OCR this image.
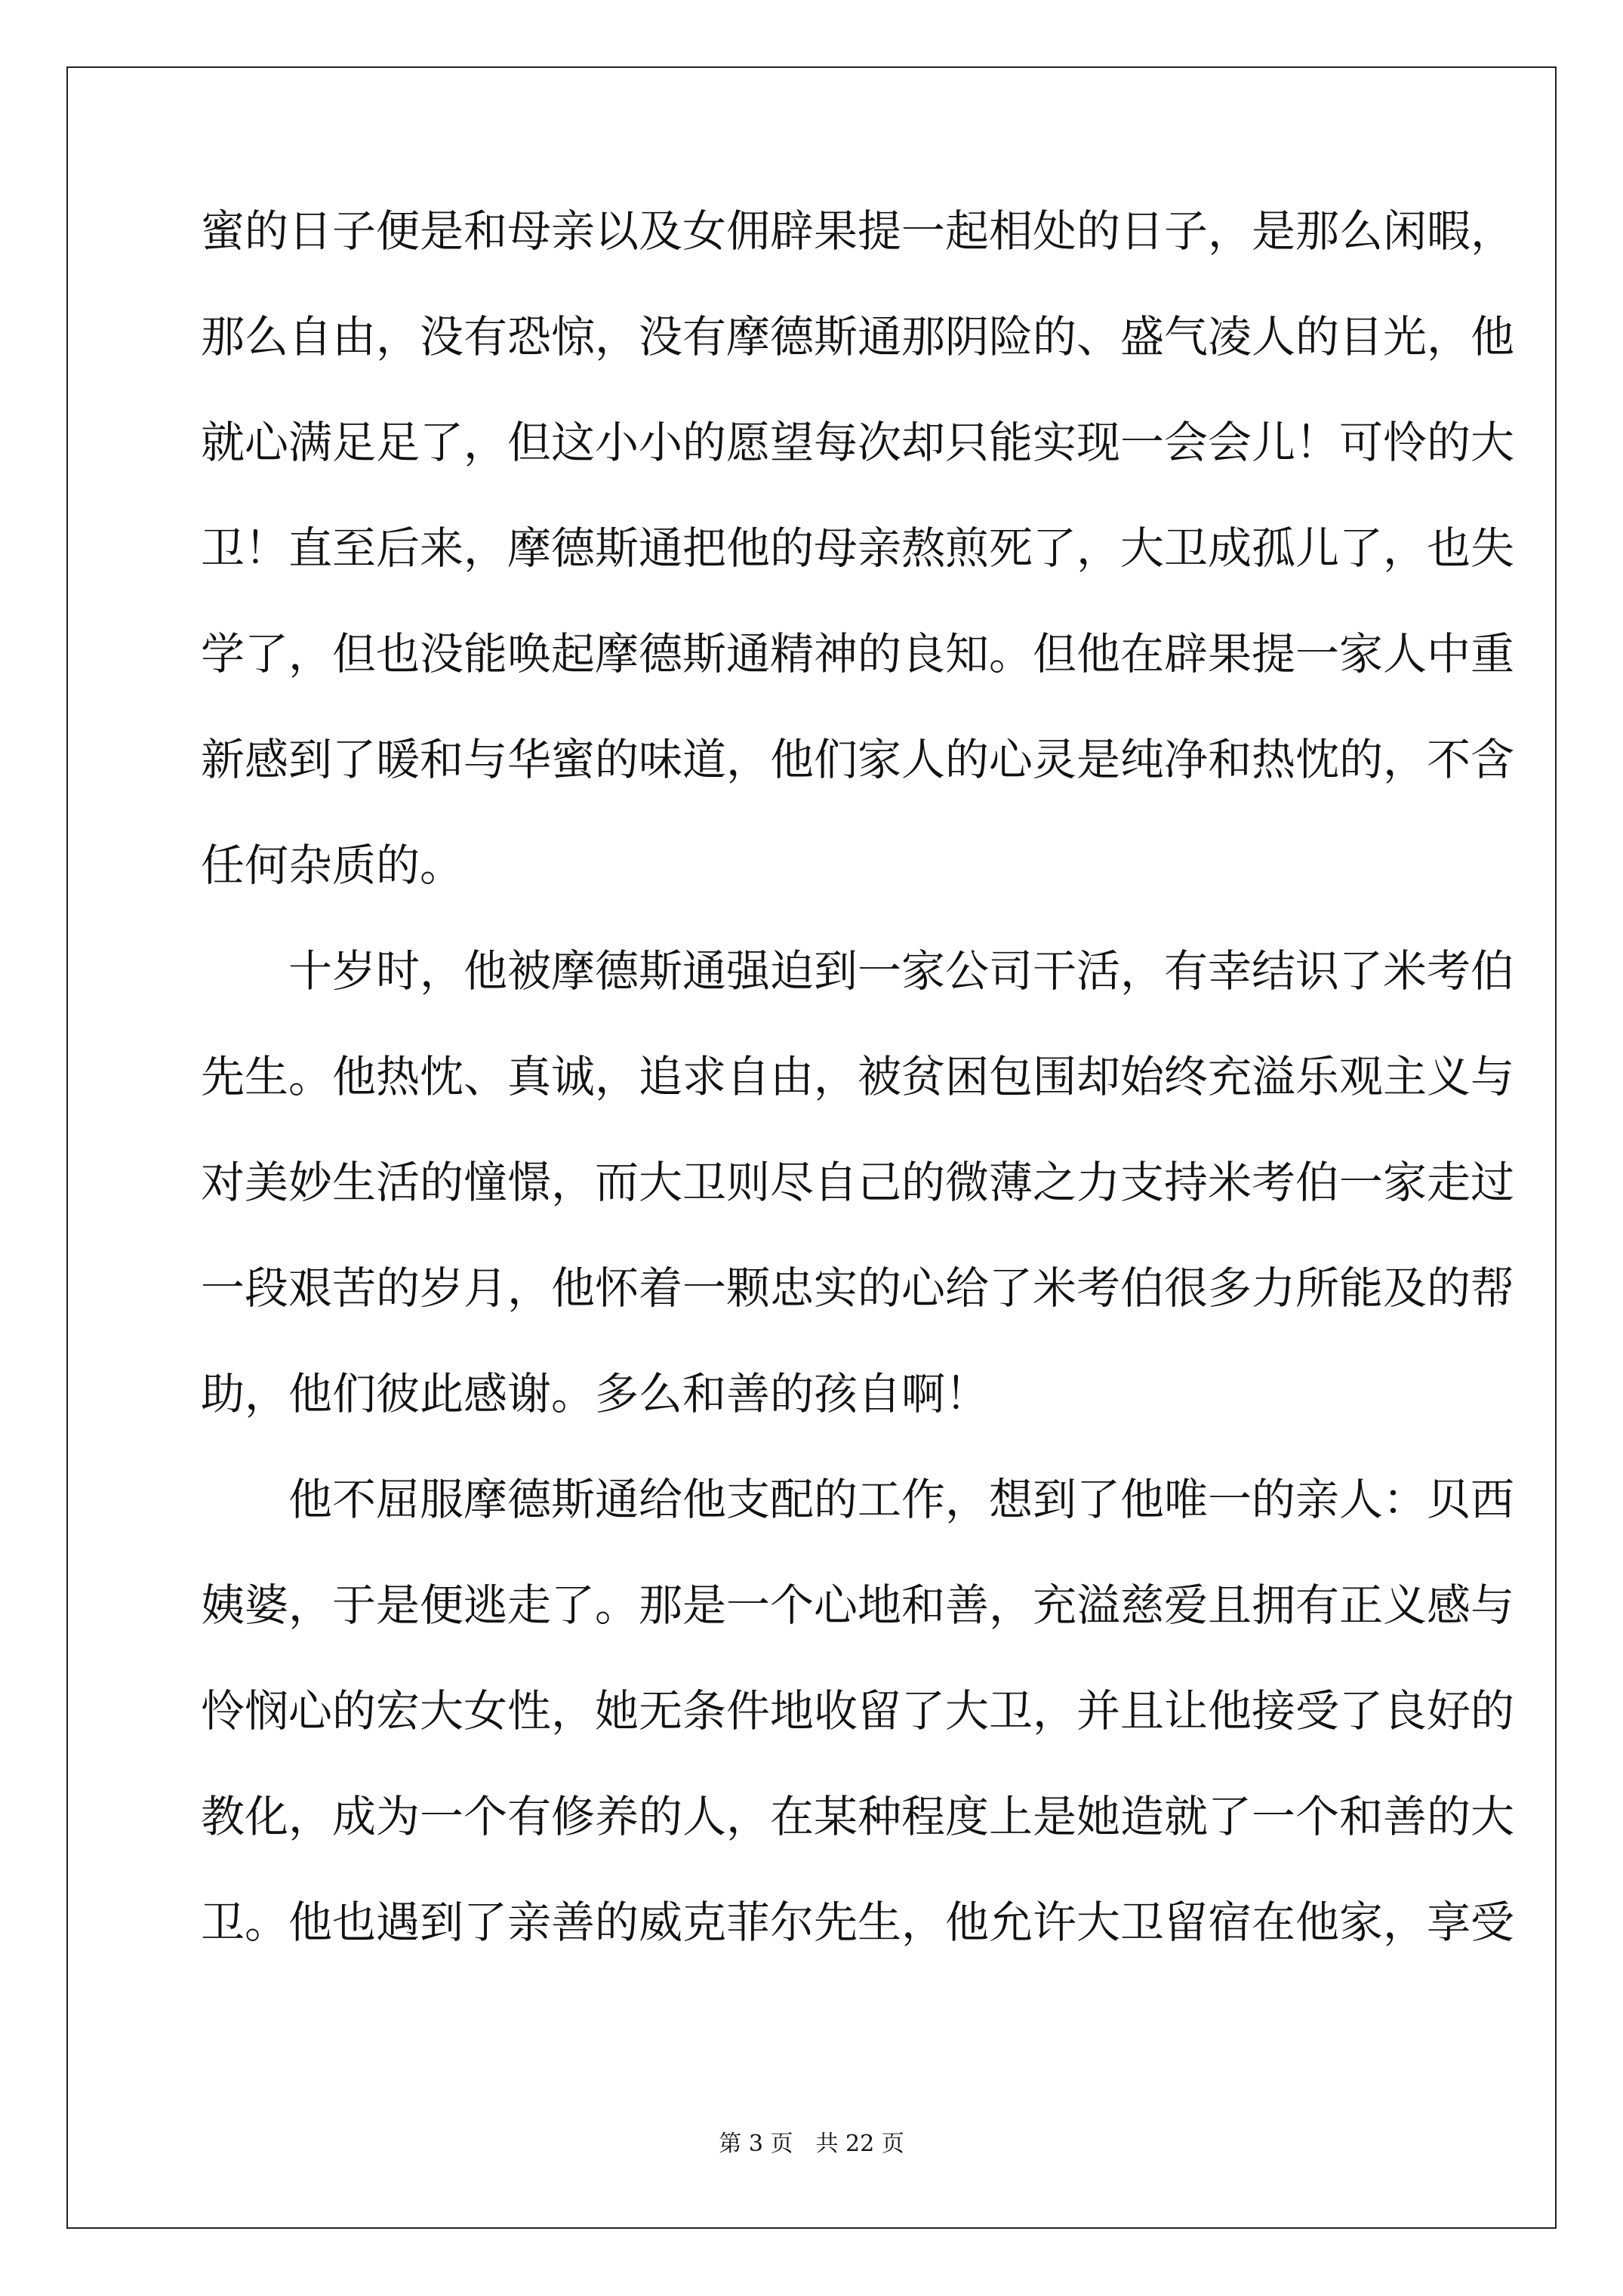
蜜的日子便是和母亲以及女佣辟果提一起相处的日子，是那么闲暇，
那么自由，没有恐惊，没有摩德斯通那阴险的、盛气凌人的目光，他
就心满足足了，但这小小的愿望每次却只能实现一会会儿！可怜的大
卫！直至后来，摩德斯通把他的母亲熬煎死了，大卫成孤儿了，也失
学了，但也没能唤起摩德斯通精神的良知。但他在辟果提一家人中重
新感到了暖和与华蜜的味道，他们家人的心灵是纯净和热忱的，不含
任何杂质的。
十岁时，他被摩德斯通强迫到一家公司干活，有幸结识了米考伯
先生。他热忱、真诚，追求自由，被贫困包围却始终充溢乐观主义与
对美妙生活的憧憬，而大卫则尽自己的微薄之力支持米考伯一家走过
一段艰苦的岁月，他怀着一颗忠实的心给了米考伯很多力所能及的帮
助，他们彼此感谢。多么和善的孩自啊！
他不屈服摩德斯通给他支配的工作，想到了他唯一的亲人：贝西
姨婆，于是便逃走了。那是一个心地和善，充溢慈爱且拥有正义感与
怜悯心的宏大女性，她无条件地收留了大卫，并且让他接受了良好的
教化，成为一个有修养的人，在某种程度上是她造就了一个和善的大
卫。他也遇到了亲善的威克菲尔先生，他允许大卫留宿在他家，享受
第 3 页　共 22 页
